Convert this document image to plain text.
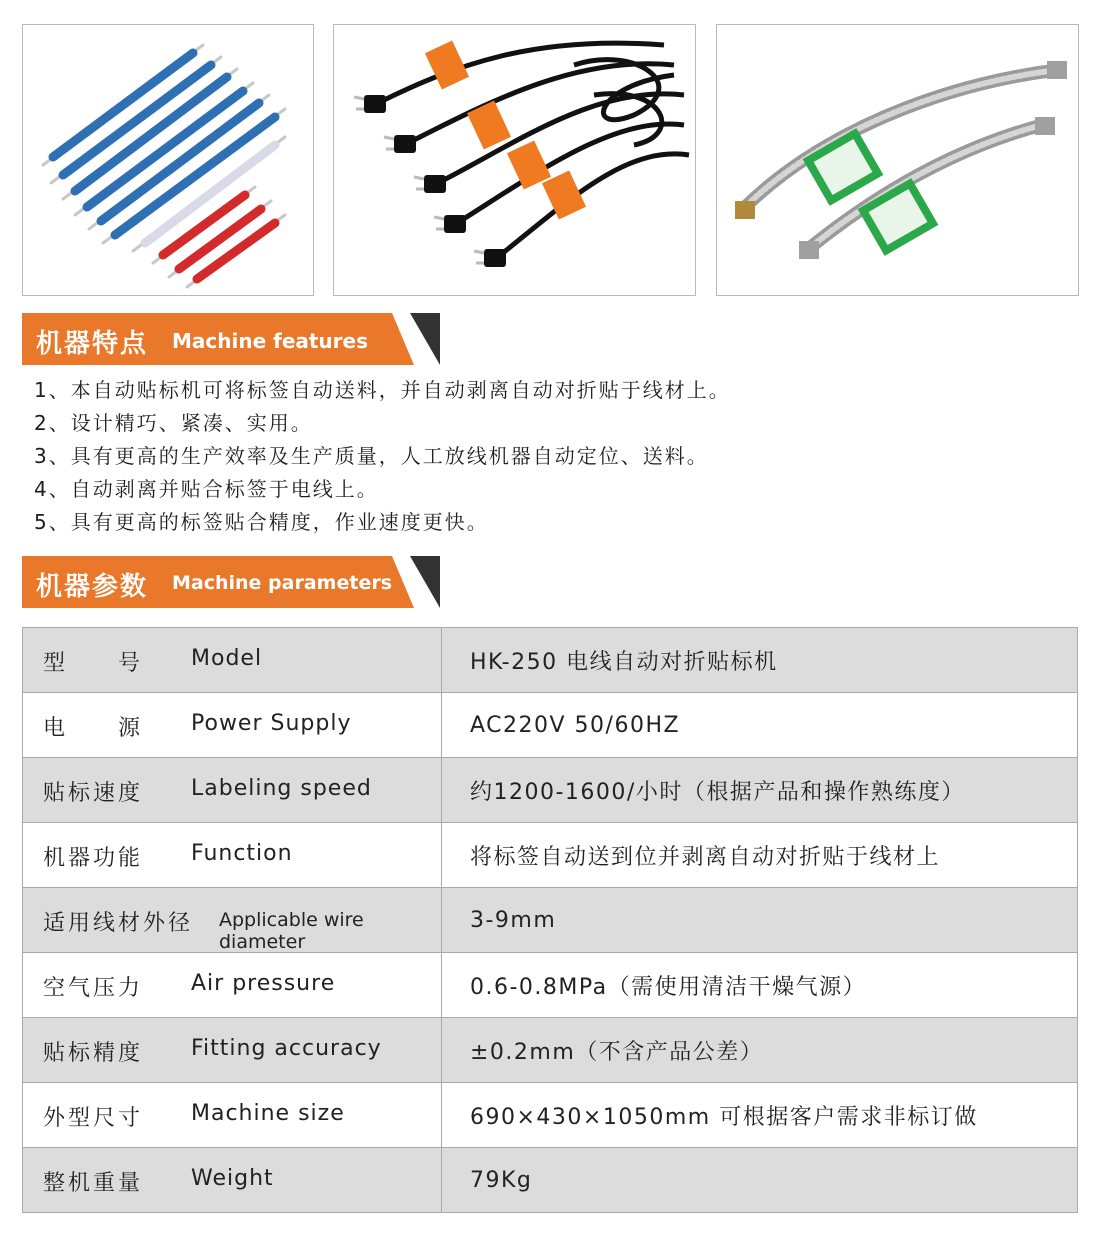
机器特点 Machine features
1、本自动贴标机可将标签自动送料，并自动剥离自动对折贴于线材上。
2、设计精巧、紧凑、实用。
3、具有更高的生产效率及生产质量，人工放线机器自动定位、送料。
4、自动剥离并贴合标签于电线上。
5、具有更高的标签贴合精度，作业速度更快。
机器参数 Machine parameters
型　　号 Model	HK-250 电线自动对折贴标机

电　　源 Power Supply	AC220V 50/60HZ

贴标速度 Labeling speed	约1200-1600/小时（根据产品和操作熟练度）

机器功能 Function	将标签自动送到位并剥离自动对折贴于线材上

适用线材外径 Applicable wire diameter	3-9mm

空气压力 Air pressure	0.6-0.8MPa（需使用清洁干燥气源）

贴标精度 Fitting accuracy	±0.2mm（不含产品公差）

外型尺寸 Machine size	690×430×1050mm 可根据客户需求非标订做

整机重量 Weight	79Kg
